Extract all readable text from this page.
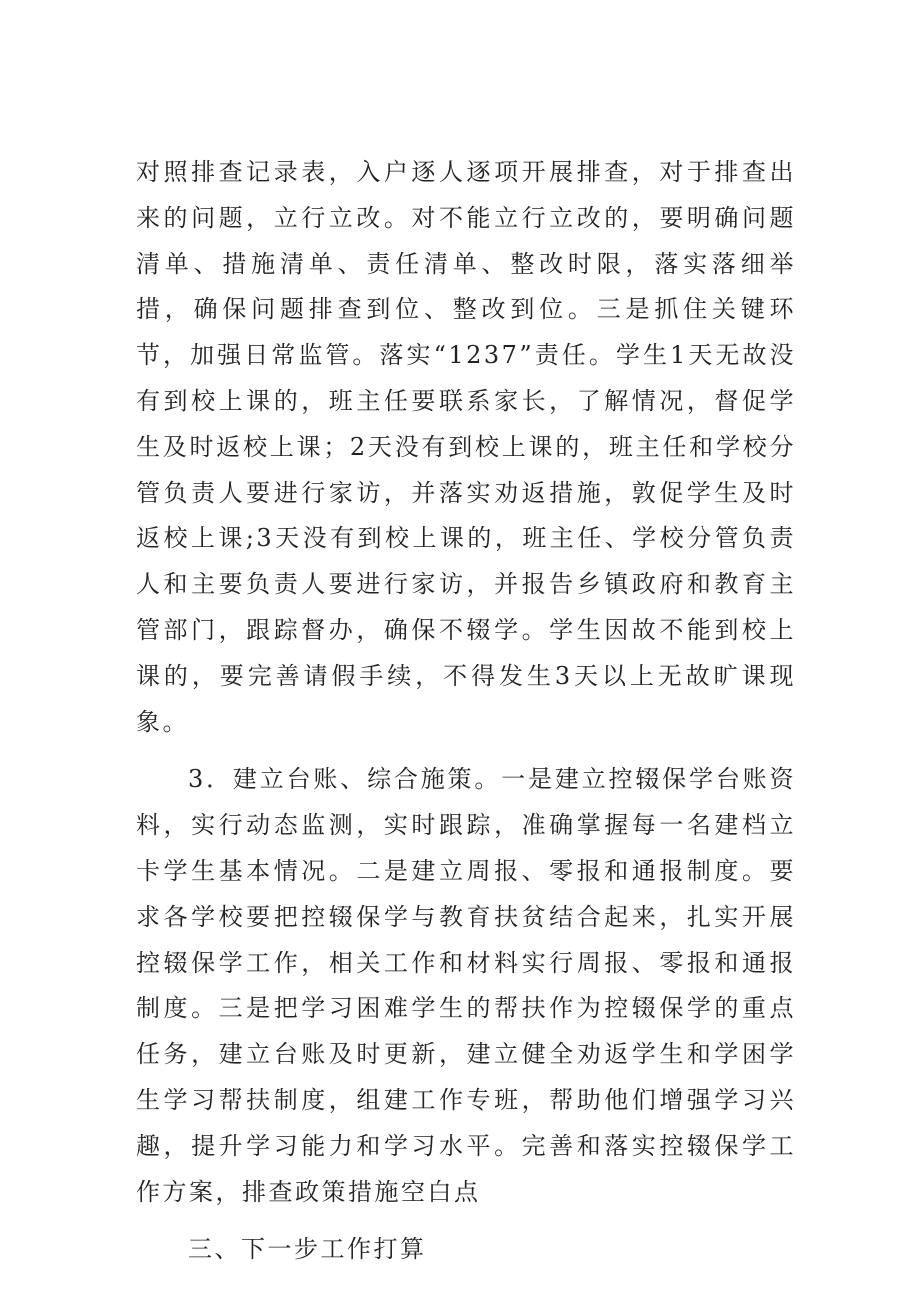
对照排查记录表，入户逐人逐项开展排查，对于排查出来的问题，立行立改。对不能立行立改的，要明确问题清单、措施清单、责任清单、整改时限，落实落细举措，确保问题排查到位、整改到位。三是抓住关键环节，加强日常监管。落实“1237”责任。学生1天无故没有到校上课的，班主任要联系家长，了解情况，督促学生及时返校上课；2天没有到校上课的，班主任和学校分管负责人要进行家访，并落实劝返措施，敦促学生及时返校上课;3天没有到校上课的，班主任、学校分管负责人和主要负责人要进行家访，并报告乡镇政府和教育主管部门，跟踪督办，确保不辍学。学生因故不能到校上课的，要完善请假手续，不得发生3天以上无故旷课现象。

3．建立台账、综合施策。一是建立控辍保学台账资料，实行动态监测，实时跟踪，准确掌握每一名建档立卡学生基本情况。二是建立周报、零报和通报制度。要求各学校要把控辍保学与教育扶贫结合起来，扎实开展控辍保学工作，相关工作和材料实行周报、零报和通报制度。三是把学习困难学生的帮扶作为控辍保学的重点任务，建立台账及时更新，建立健全劝返学生和学困学生学习帮扶制度，组建工作专班，帮助他们增强学习兴趣，提升学习能力和学习水平。完善和落实控辍保学工作方案，排查政策措施空白点

三、下一步工作打算
